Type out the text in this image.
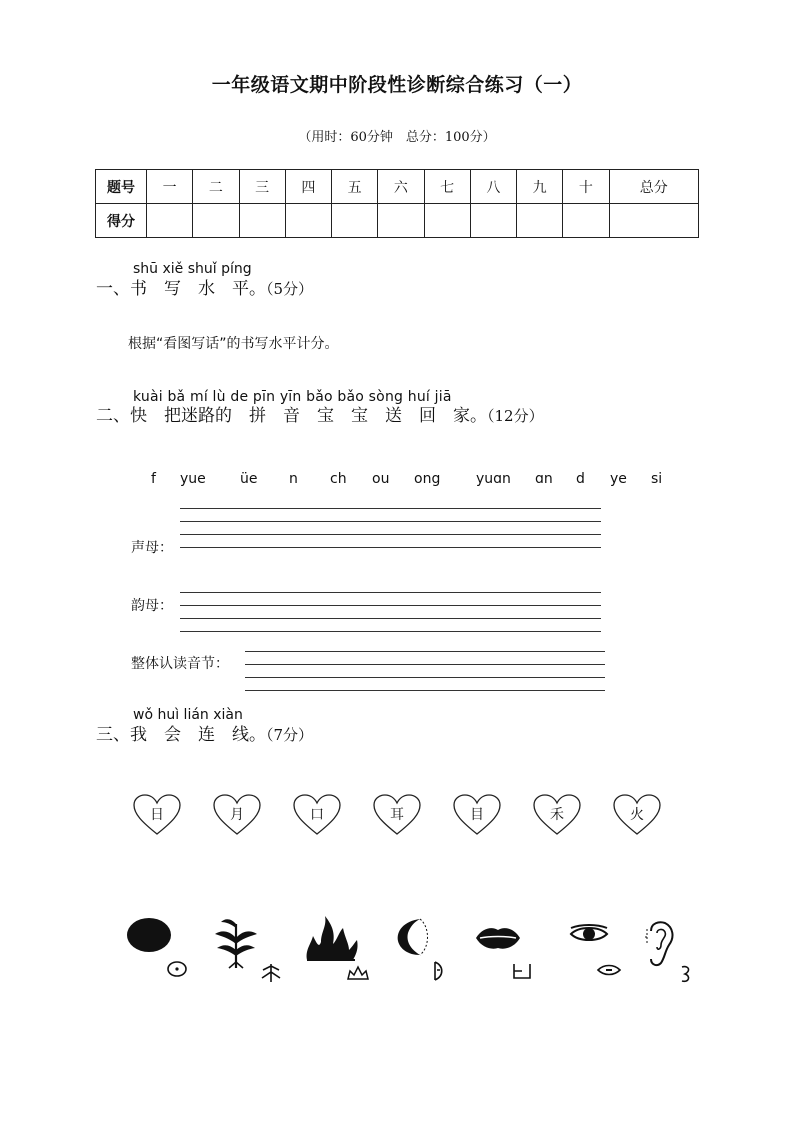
一年级语文期中阶段性诊断综合练习（一）
（用时：60分钟　总分：100分）
题号	一	二	三	四	五	六	七	八	九	十	总分
得分											
shū xiě shuǐ píng
一、书　写　水　平。（5分）
根据“看图写话”的书写水平计分。
kuài bǎ mí lù de pīn yīn bǎo bǎo sòng huí jiā
二、快　把迷路的　拼　音　宝　宝　送　回　家。（12分）
f yue üe n ch ou ong	yuɑn ɑn d ye si
声母：
韵母：
整体认读音节：
wǒ huì lián xiàn
三、我　会　连　线。（7分）
日	月	口	耳	目	禾	火
